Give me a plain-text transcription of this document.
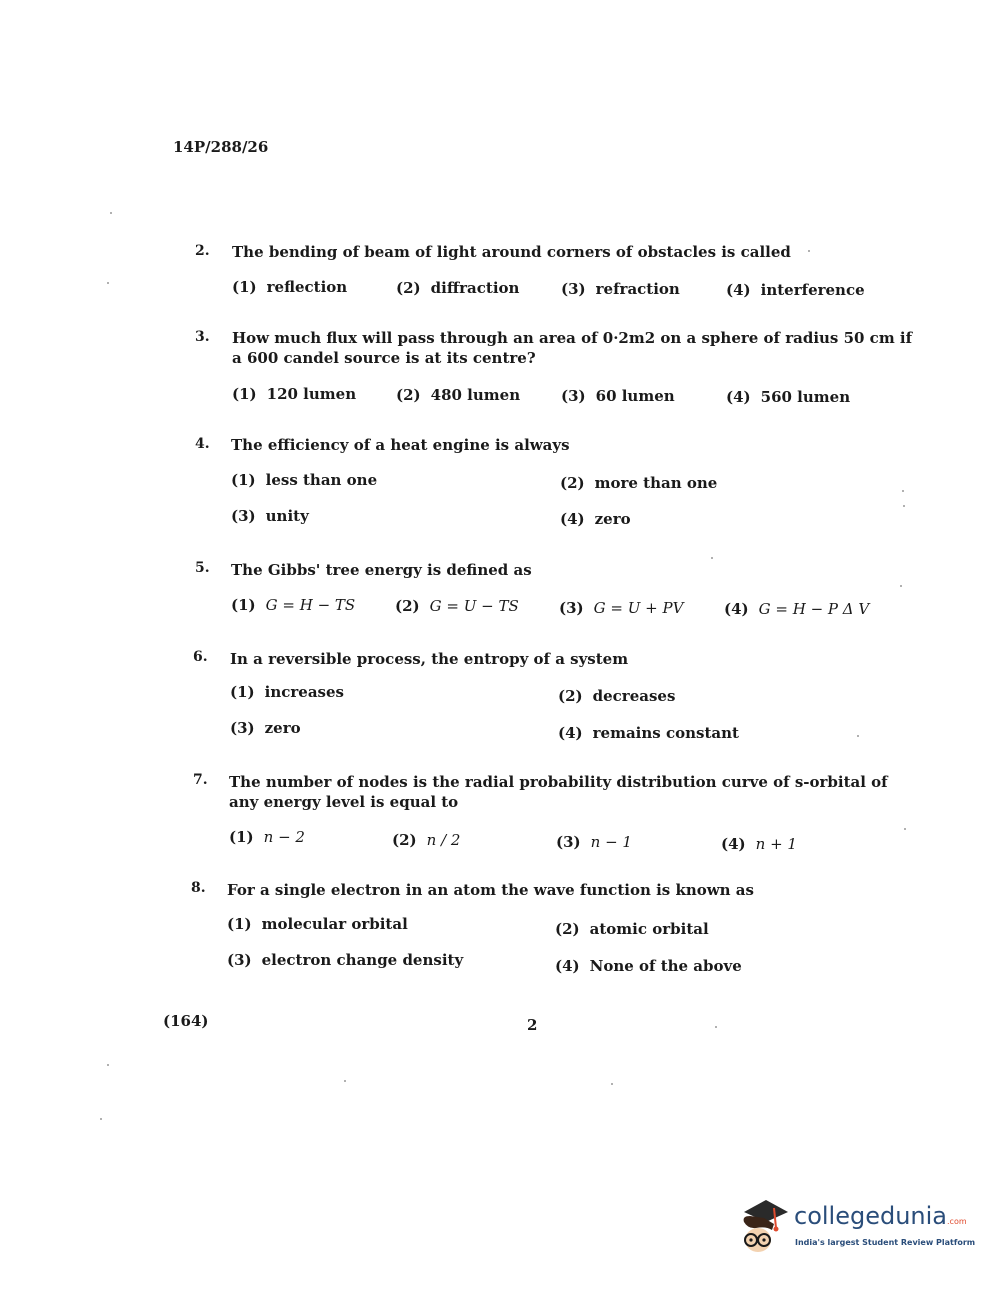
14P/288/26
2. The bending of beam of light around corners of obstacles is called
(1) reflection	(2) diffraction	(3) refraction	(4) interference
3. How much flux will pass through an area of 0·2m2 on a sphere of radius 50 cm if a 600 candel source is at its centre?
(1) 120 lumen	(2) 480 lumen	(3) 60 lumen	(4) 560 lumen
4. The efficiency of a heat engine is always
(1) less than one	(2) more than one
(3) unity	(4) zero
5. The Gibbs' tree energy is defined as
(1) G = H − TS	(2) G = U − TS	(3) G = U + PV	(4) G = H − P Δ V
6. In a reversible process, the entropy of a system
(1) increases	(2) decreases
(3) zero	(4) remains constant
7. The number of nodes is the radial probability distribution curve of s-orbital of any energy level is equal to
(1) n − 2	(2) n / 2	(3) n − 1	(4) n + 1
8. For a single electron in an atom the wave function is known as
(1) molecular orbital	(2) atomic orbital
(3) electron change density	(4) None of the above
(164)	2
collegedunia.com
India's largest Student Review Platform
